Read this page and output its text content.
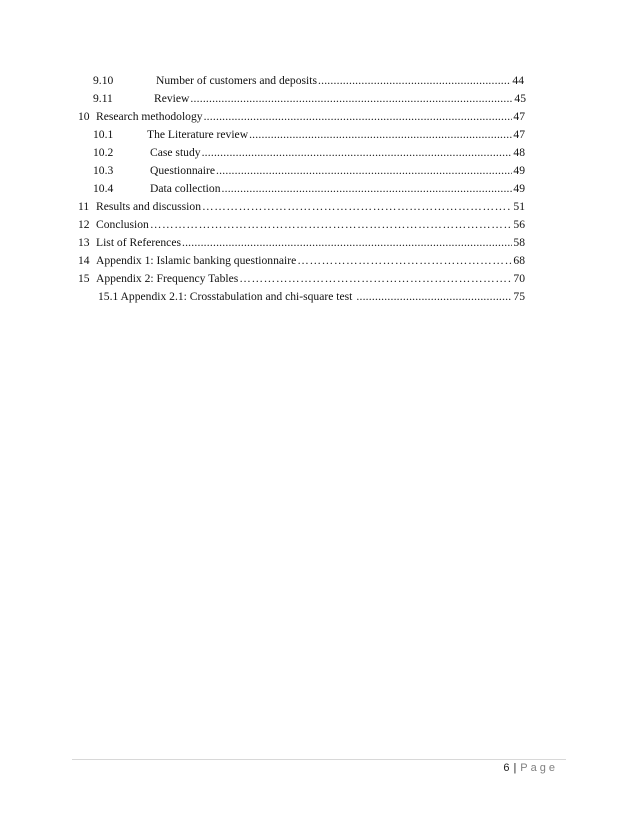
9.10	Number of customers and deposits .....	44
9.11	Review .....	45
10 Research methodology .....	47
10.1	The Literature review .....	47
10.2	Case study .....	48
10.3	Questionnaire .....	49
10.4	Data collection .....	49
11 Results and discussion ……………………………………………………………………………………………………………………………………………………………………………………………………………………	51
12 Conclusion ……………………………………………………………………………………………………………………………………………………………………………………………………………………	56
13 List of References .....	58
14 Appendix 1: Islamic banking questionnaire ……………………………………………………………………………………………………………………………………………………………………………………………………………………	68
15 Appendix 2: Frequency Tables ……………………………………………………………………………………………………………………………………………………………………………………………………………………	70
15.1 Appendix 2.1: Crosstabulation and chi-square test .....	75
6 | Page
